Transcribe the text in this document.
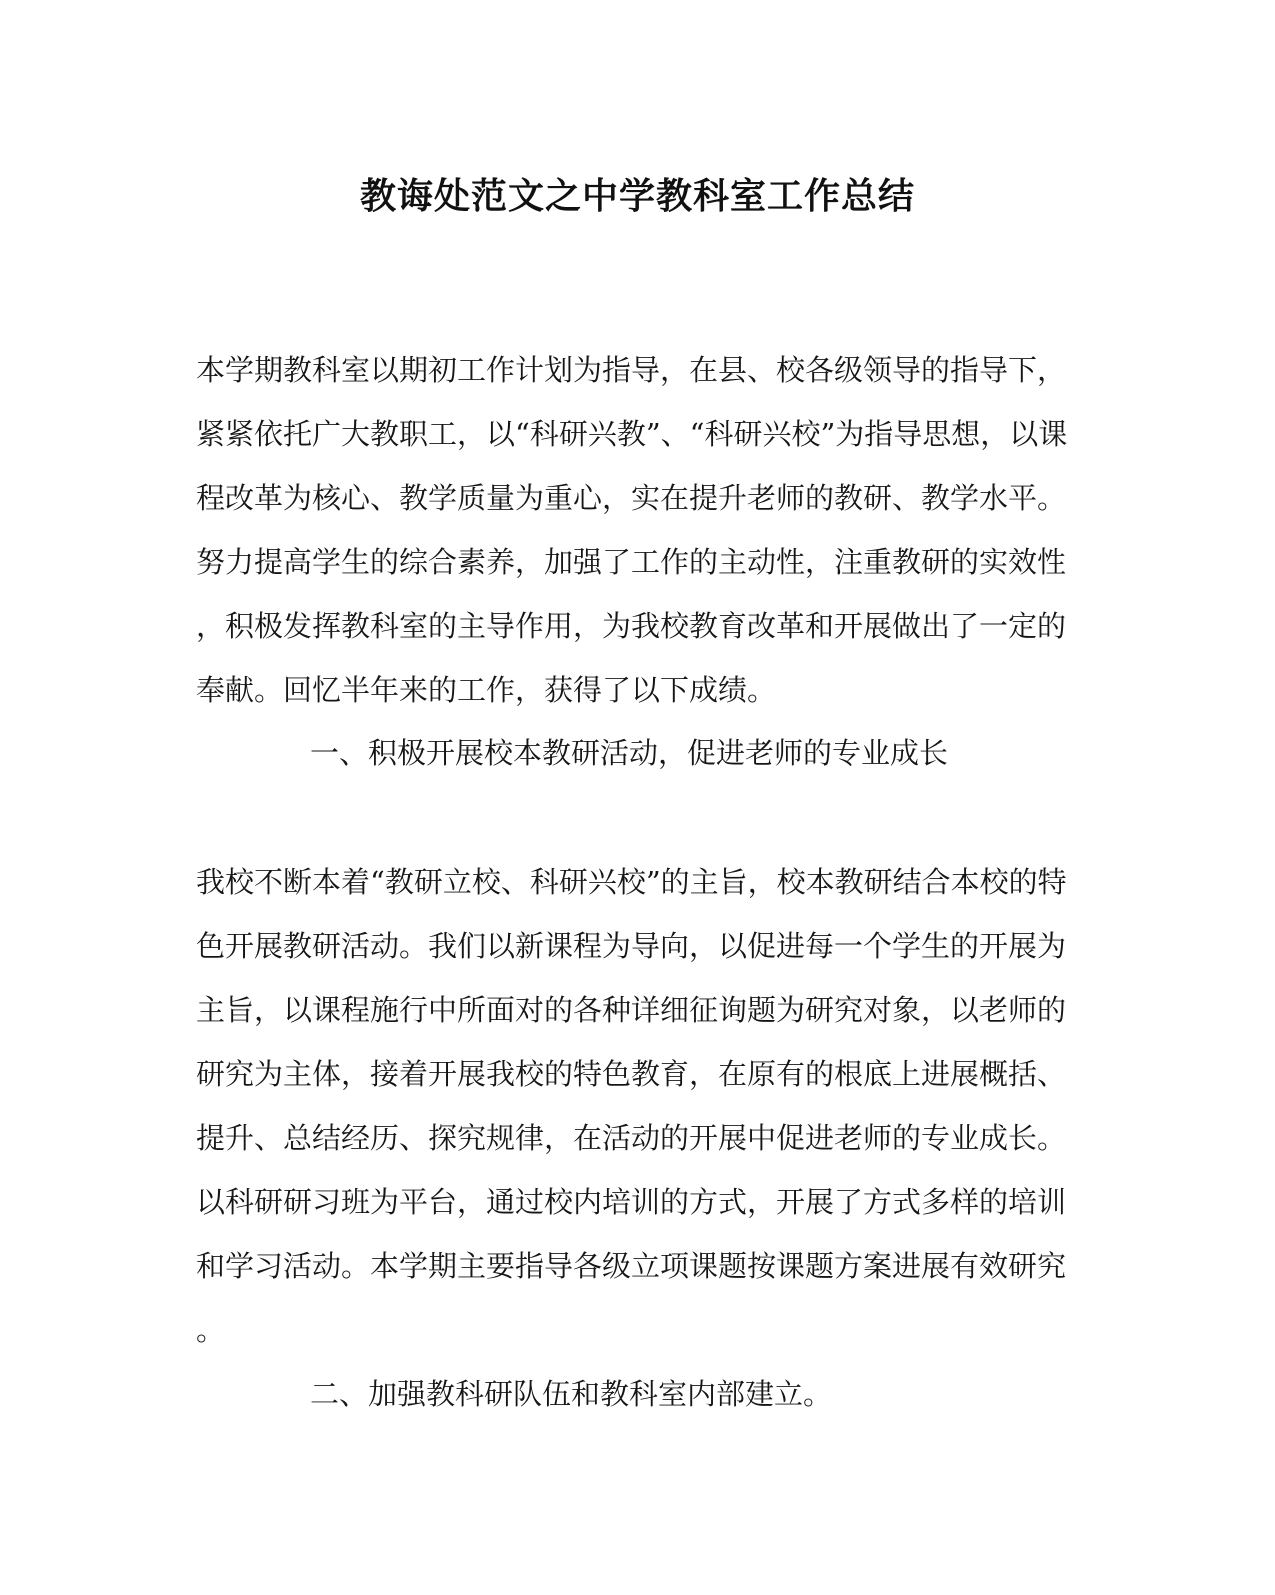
教诲处范文之中学教科室工作总结
本学期教科室以期初工作计划为指导，在县、校各级领导的指导下，
紧紧依托广大教职工，以“科研兴教”、“科研兴校”为指导思想，以课
程改革为核心、教学质量为重心，实在提升老师的教研、教学水平。
努力提高学生的综合素养，加强了工作的主动性，注重教研的实效性
，积极发挥教科室的主导作用，为我校教育改革和开展做出了一定的
奉献。回忆半年来的工作，获得了以下成绩。
一、积极开展校本教研活动，促进老师的专业成长
我校不断本着“教研立校、科研兴校”的主旨，校本教研结合本校的特
色开展教研活动。我们以新课程为导向，以促进每一个学生的开展为
主旨，以课程施行中所面对的各种详细征询题为研究对象，以老师的
研究为主体，接着开展我校的特色教育，在原有的根底上进展概括、
提升、总结经历、探究规律，在活动的开展中促进老师的专业成长。
以科研研习班为平台，通过校内培训的方式，开展了方式多样的培训
和学习活动。本学期主要指导各级立项课题按课题方案进展有效研究
。
二、加强教科研队伍和教科室内部建立。
